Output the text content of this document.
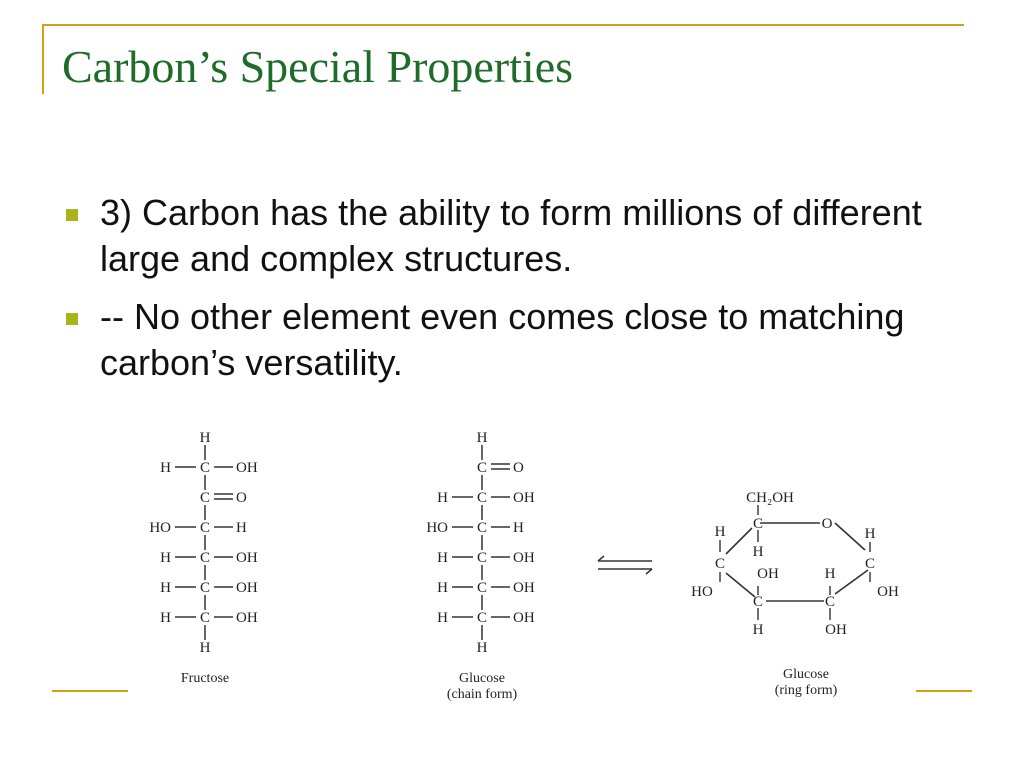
Carbon’s Special Properties
3) Carbon has the ability to form millions of different large and complex structures.
-- No other element even comes close to matching carbon’s versatility.
H
C
H	OH
C O
C
HO	H
C
H	OH
C
H	OH
C
H	OH
H
Fructose
H
C O
C
H	OH
C
HO	H
C
H	OH
C
H	OH
C
H	OH
H
Glucose
(chain form)
CH₂OH
O
H C
H
H
C
C
HO
OH	H
C	C
OH
H	OH
Glucose
(ring form)
